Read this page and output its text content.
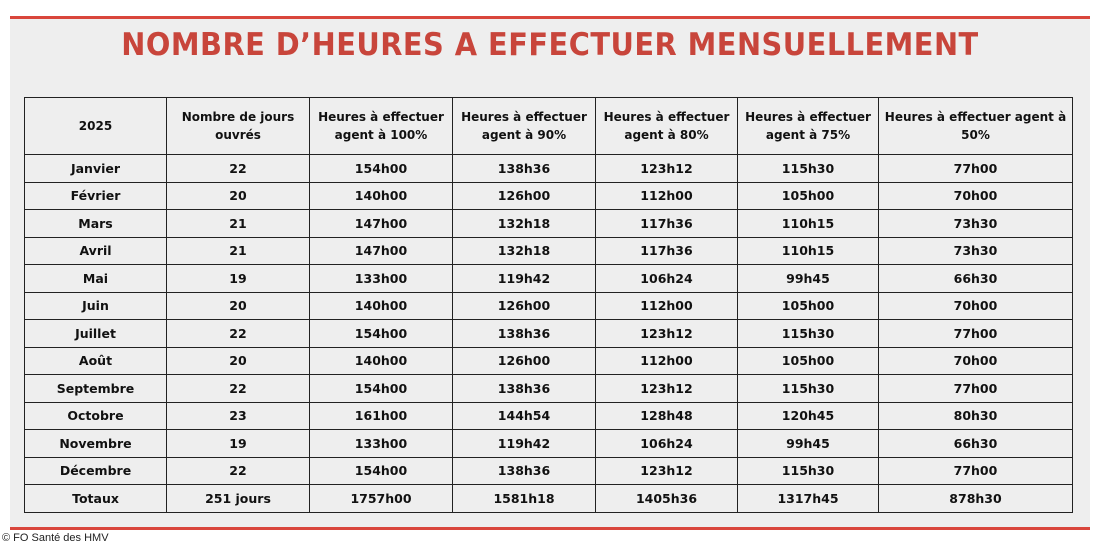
NOMBRE D’HEURES A EFFECTUER MENSUELLEMENT
2025	Nombre de jours ouvrés	Heures à effectuer agent à 100%	Heures à effectuer agent à 90%	Heures à effectuer agent à 80%	Heures à effectuer agent à 75%	Heures à effectuer agent à 50%
Janvier	22	154h00	138h36	123h12	115h30	77h00
Février	20	140h00	126h00	112h00	105h00	70h00
Mars	21	147h00	132h18	117h36	110h15	73h30
Avril	21	147h00	132h18	117h36	110h15	73h30
Mai	19	133h00	119h42	106h24	99h45	66h30
Juin	20	140h00	126h00	112h00	105h00	70h00
Juillet	22	154h00	138h36	123h12	115h30	77h00
Août	20	140h00	126h00	112h00	105h00	70h00
Septembre	22	154h00	138h36	123h12	115h30	77h00
Octobre	23	161h00	144h54	128h48	120h45	80h30
Novembre	19	133h00	119h42	106h24	99h45	66h30
Décembre	22	154h00	138h36	123h12	115h30	77h00
Totaux	251 jours	1757h00	1581h18	1405h36	1317h45	878h30
© FO Santé des HMV
